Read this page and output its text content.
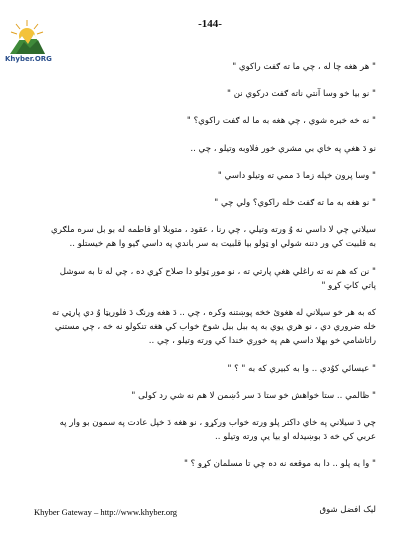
Khyber.ORG
-144-

" هر هغه چا له ، چي ما ته ګفت راکوي "

" نو بيا خو وسا آنتي ناته ګفت درکوي نن "

" نه خه خبره شوي ، چي هغه به ما له ګفت راکوي؟ "

نو دَ هغې په خاي بي مشري خور فلاوبه وتيلو ، چي ..

" وسا پرون خپله زما دَ ممي ته وتيلو داسي "

" نو هغه به ما ته ګفت خله راکوي؟ ولي چي "

سيلاني چي لا داسي نه وُ ورته وتيلي ، چي رنا ، عقود ، متوبلا او فاطمه له بو بل سره ملګري به قلبيت کي ور دننه شولي او ټولو بيا قلبيت به سر باندي په داسي ګيو وا هم خيستلو ..

" نن که هم نه ته راغلي هغې پارتي ته ، نو موږ ټولو دا صلاح کړي ده ، چي له تا به سوشل پاتي کاټ کړو "

که به هر خو سيلاني له هغوئ خخه پوښتنه وکره ، چي .. دَ هغه ورنګ دَ فلوريټا وُ دي پارټي ته خله ضروري دي ، نو هري يوي به په ببل ببل شوخ خواب کي هغه تنکولو نه خه ، چي مستني راتاشامي خو بهلا داسي هم په خوږي خندا کي ورته وتيلو ، چي ..

" عيسائي کوُدي .. وا به کبيري که به " ؟ "

" ظالمي .. ستا خواهش خو ستا دَ سر دُښمن لا هم نه شي رد کولی "

چي دَ سيلاني په خاي داکتر پلو ورته خواب ورکړو ، نو هغه دَ خپل عادت په سمون بو وار په عربي کي خه دَ بوښيدله او بيا يې ورته وتيلو ..

" وا يه پلو .. دا به موقعه نه ده چي تا مسلمان کړو ؟ "

Khyber Gateway – http://www.khyber.org	ليک افضل شوق
